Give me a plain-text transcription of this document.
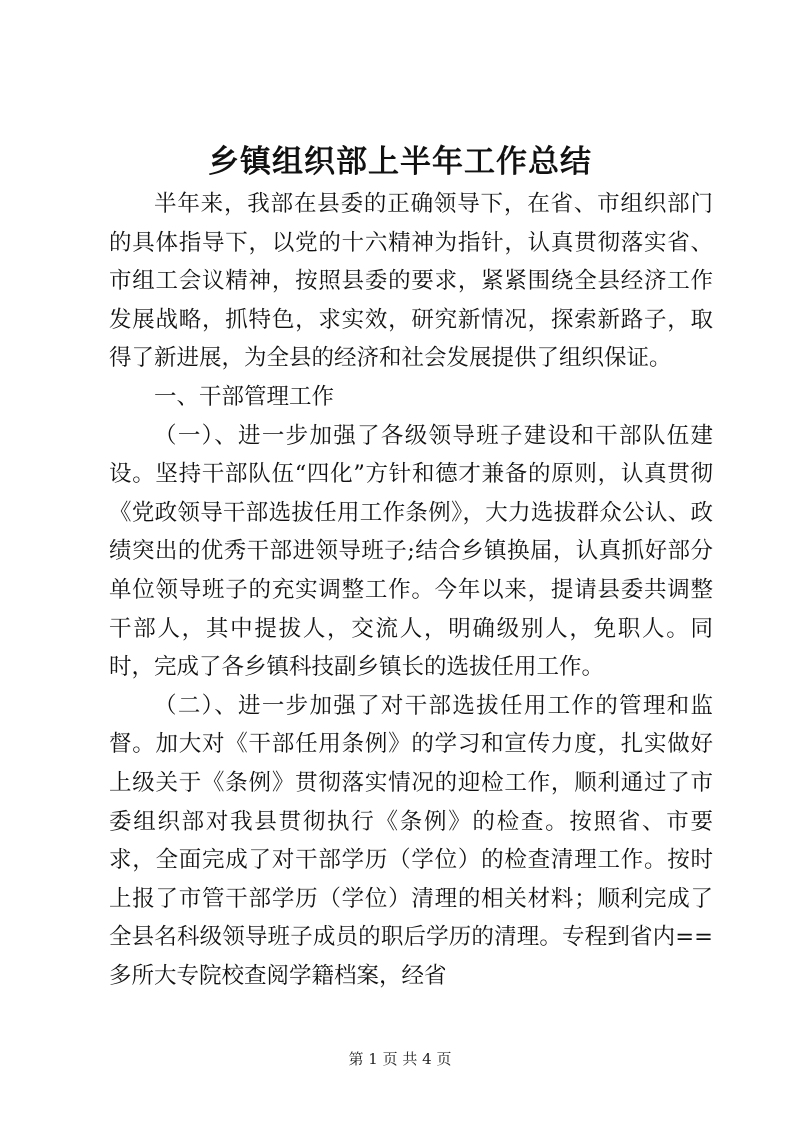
乡镇组织部上半年工作总结

半年来，我部在县委的正确领导下，在省、市组织部门的具体指导下，以党的十六精神为指针，认真贯彻落实省、市组工会议精神，按照县委的要求，紧紧围绕全县经济工作发展战略，抓特色，求实效，研究新情况，探索新路子，取得了新进展，为全县的经济和社会发展提供了组织保证。

一、干部管理工作

（一）、进一步加强了各级领导班子建设和干部队伍建设。坚持干部队伍“四化”方针和德才兼备的原则，认真贯彻《党政领导干部选拔任用工作条例》，大力选拔群众公认、政绩突出的优秀干部进领导班子;结合乡镇换届，认真抓好部分单位领导班子的充实调整工作。今年以来，提请县委共调整干部人，其中提拔人，交流人，明确级别人，免职人。同时，完成了各乡镇科技副乡镇长的选拔任用工作。

（二）、进一步加强了对干部选拔任用工作的管理和监督。加大对《干部任用条例》的学习和宣传力度，扎实做好上级关于《条例》贯彻落实情况的迎检工作，顺利通过了市委组织部对我县贯彻执行《条例》的检查。按照省、市要求，全面完成了对干部学历（学位）的检查清理工作。按时上报了市管干部学历（学位）清理的相关材料；顺利完成了全县名科级领导班子成员的职后学历的清理。专程到省内==多所大专院校查阅学籍档案，经省

第 1 页 共 4 页
